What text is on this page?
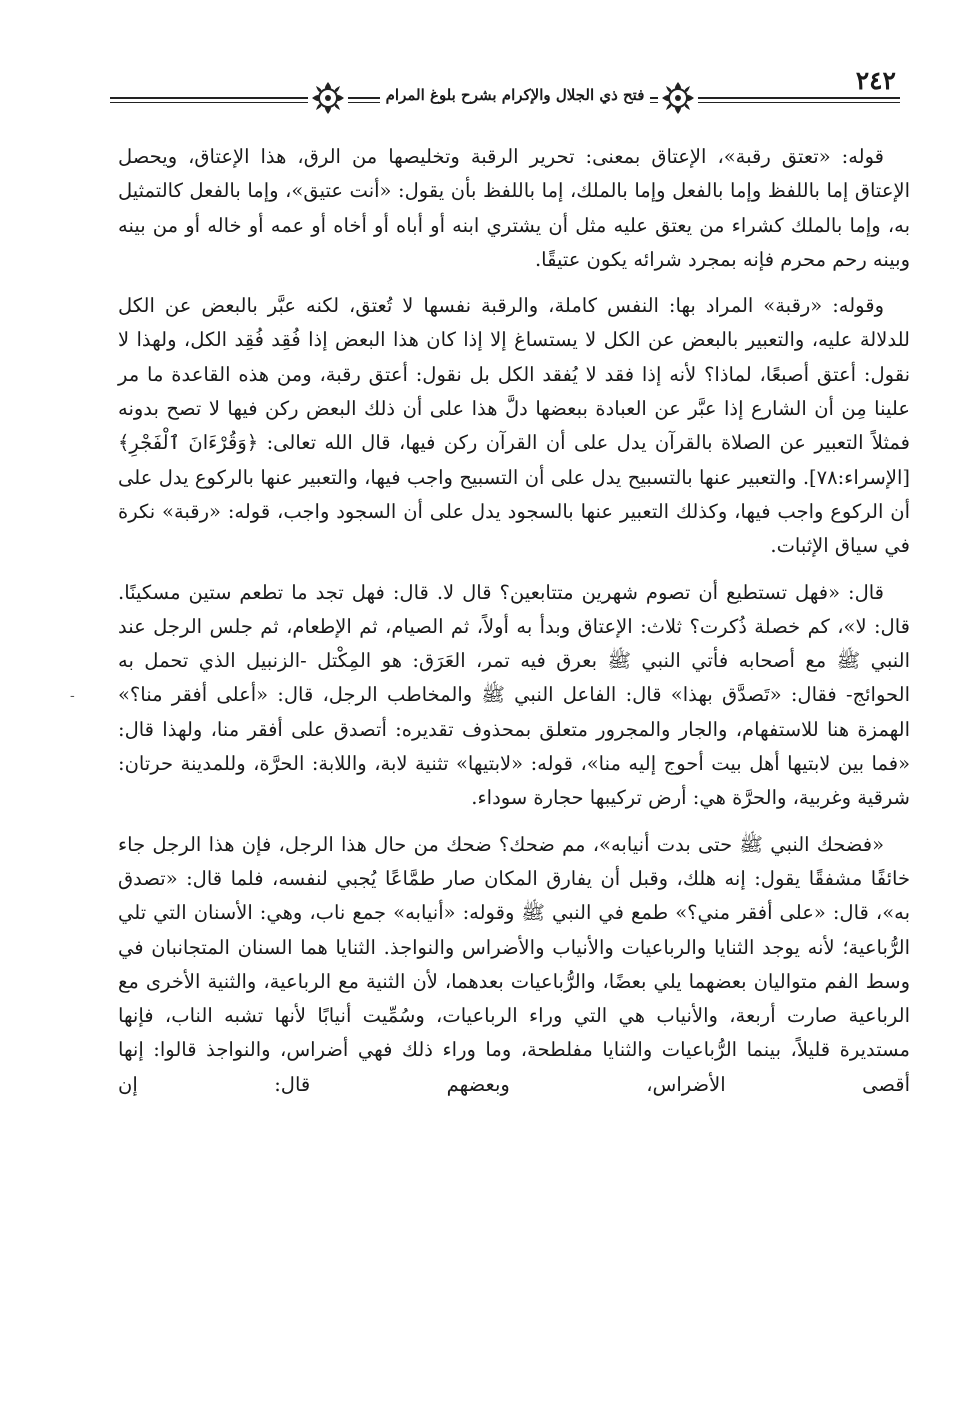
٢٤٢
فتح ذي الجلال والإكرام بشرح بلوغ المرام

قوله: «تعتق رقبة»، الإعتاق بمعنى: تحرير الرقبة وتخليصها من الرق، هذا الإعتاق، ويحصل الإعتاق إما باللفظ وإما بالفعل وإما بالملك، إما باللفظ بأن يقول: «أنت عتيق»، وإما بالفعل كالتمثيل به، وإما بالملك كشراء من يعتق عليه مثل أن يشتري ابنه أو أباه أو أخاه أو عمه أو خاله أو من بينه وبينه رحم محرم فإنه بمجرد شرائه يكون عتيقًا.

وقوله: «رقبة» المراد بها: النفس كاملة، والرقبة نفسها لا تُعتق، لكنه عبَّر بالبعض عن الكل للدلالة عليه، والتعبير بالبعض عن الكل لا يستساغ إلا إذا كان هذا البعض إذا فُقِد فُقِد الكل، ولهذا لا نقول: أعتق أصبعًا، لماذا؟ لأنه إذا فقد لا يُفقد الكل بل نقول: أعتق رقبة، ومن هذه القاعدة ما مر علينا مِن أن الشارع إذا عبَّر عن العبادة ببعضها دلَّ هذا على أن ذلك البعض ركن فيها لا تصح بدونه فمثلاً التعبير عن الصلاة بالقرآن يدل على أن القرآن ركن فيها، قال الله تعالى: ﴿وَقُرْءَانَ ٱلْفَجْرِ﴾ [الإسراء:٧٨]. والتعبير عنها بالتسبيح يدل على أن التسبيح واجب فيها، والتعبير عنها بالركوع يدل على أن الركوع واجب فيها، وكذلك التعبير عنها بالسجود يدل على أن السجود واجب، قوله: «رقبة» نكرة في سياق الإثبات.

قال: «فهل تستطيع أن تصوم شهرين متتابعين؟ قال لا. قال: فهل تجد ما تطعم ستين مسكينًا. قال: لا»، كم خصلة ذُكرت؟ ثلاث: الإعتاق وبدأ به أولاً، ثم الصيام، ثم الإطعام، ثم جلس الرجل عند النبي ﷺ مع أصحابه فأتي النبي ﷺ بعرق فيه تمر، العَرَق: هو المِكْتل -الزنبيل الذي تحمل به الحوائج- فقال: «تَصدَّق بهذا» قال: الفاعل النبي ﷺ والمخاطب الرجل، قال: «أعلى أفقر منا؟» الهمزة هنا للاستفهام، والجار والمجرور متعلق بمحذوف تقديره: أتصدق على أفقر منا، ولهذا قال: «فما بين لابتيها أهل بيت أحوج إليه منا»، قوله: «لابتيها» تثنية لابة، واللابة: الحرَّة، وللمدينة حرتان: شرقية وغربية، والحرَّة هي: أرض تركيبها حجارة سوداء.

«فضحك النبي ﷺ حتى بدت أنيابه»، مم ضحك؟ ضحك من حال هذا الرجل، فإن هذا الرجل جاء خائفًا مشفقًا يقول: إنه هلك، وقبل أن يفارق المكان صار طمَّاعًا يُجبي لنفسه، فلما قال: «تصدق به»، قال: «على أفقر مني؟» طمع في النبي ﷺ وقوله: «أنيابه» جمع ناب، وهي: الأسنان التي تلي الرُّباعية؛ لأنه يوجد الثنايا والرباعيات والأنياب والأضراس والنواجذ. الثنايا هما السنان المتجانبان في وسط الفم متواليان بعضهما يلي بعضًا، والرُّباعيات بعدهما، لأن الثنية مع الرباعية، والثنية الأخرى مع الرباعية صارت أربعة، والأنياب هي التي وراء الرباعيات، وسُمِّيت أنيابًا لأنها تشبه الناب، فإنها مستديرة قليلاً، بينما الرُّباعيات والثنايا مفلطحة، وما وراء ذلك فهي أضراس، والنواجذ قالوا: إنها أقصى الأضراس، وبعضهم قال: إن

-
